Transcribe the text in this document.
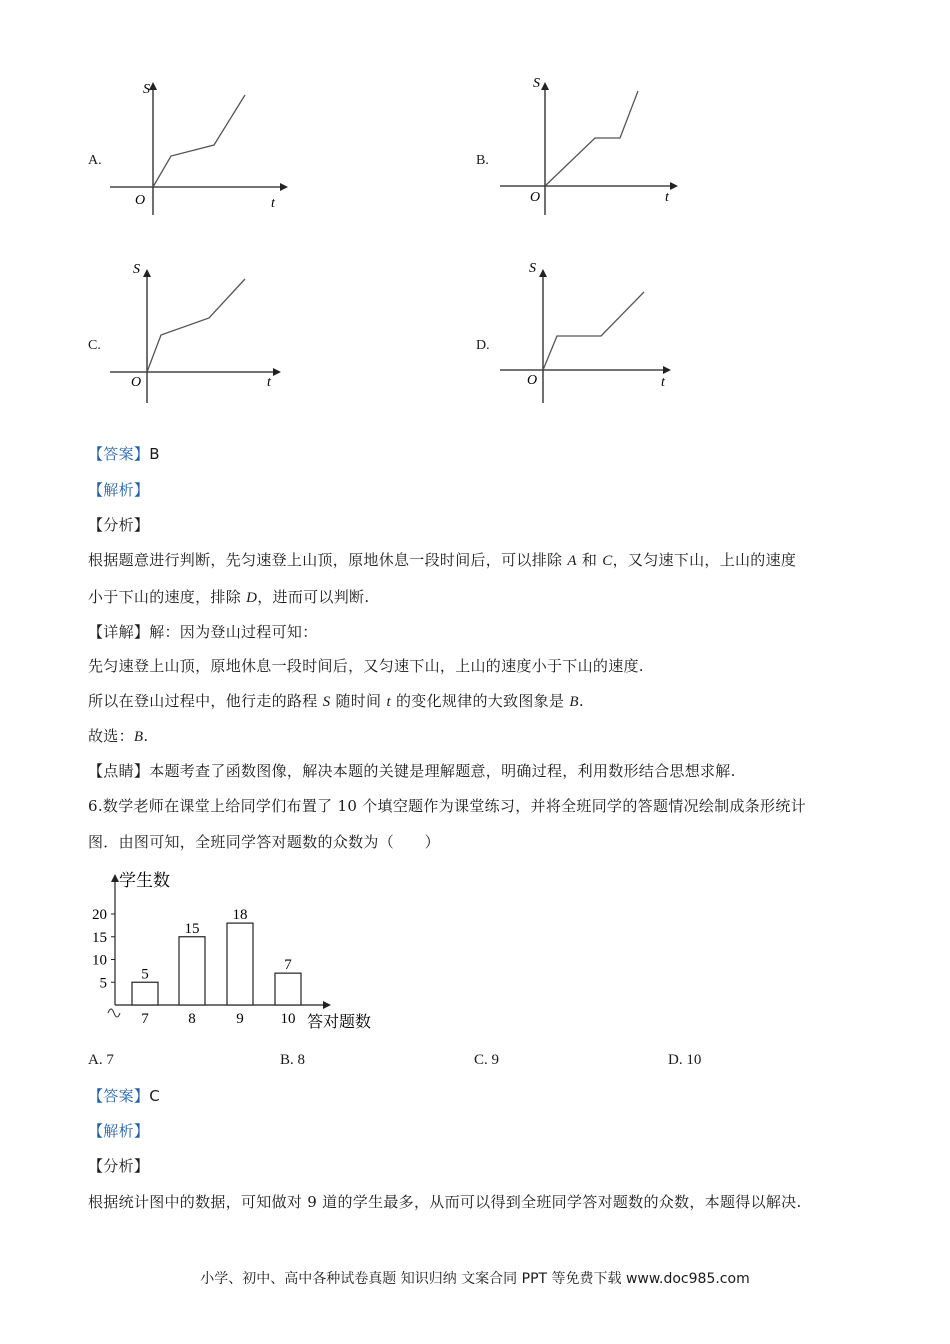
A.
S
O	t
B.
S
O	t
C.
S
O	t
D.
S
O	t
【答案】B
【解析】
【分析】
根据题意进行判断，先匀速登上山顶，原地休息一段时间后，可以排除 A 和 C，又匀速下山，上山的速度
小于下山的速度，排除 D，进而可以判断.
【详解】解：因为登山过程可知：
先匀速登上山顶，原地休息一段时间后，又匀速下山，上山的速度小于下山的速度.
所以在登山过程中，他行走的路程 S 随时间 t 的变化规律的大致图象是 B.
故选：B.
【点睛】本题考查了函数图像，解决本题的关键是理解题意，明确过程，利用数形结合思想求解.
6.数学老师在课堂上给同学们布置了 10 个填空题作为课堂练习，并将全班同学的答题情况绘制成条形统计
图．由图可知，全班同学答对题数的众数为（　　）
学生数
答对题数
5
10
15
20
5
7
15
8
18
9
7
10
A. 7	B. 8	C. 9	D. 10
【答案】C
【解析】
【分析】
根据统计图中的数据，可知做对 9 道的学生最多，从而可以得到全班同学答对题数的众数，本题得以解决.
小学、初中、高中各种试卷真题 知识归纳 文案合同 PPT 等免费下载 www.doc985.com
